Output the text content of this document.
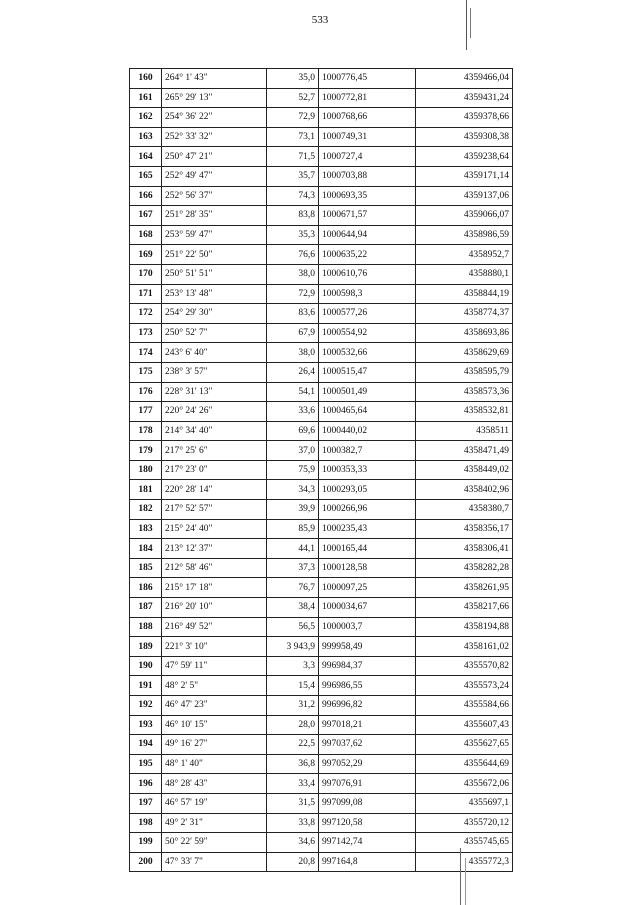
533
160	264° 1' 43"	35,0	1000776,45	4359466,04
161	265° 29' 13"	52,7	1000772,81	4359431,24
162	254° 36' 22"	72,9	1000768,66	4359378,66
163	252° 33' 32"	73,1	1000749,31	4359308,38
164	250° 47' 21"	71,5	1000727,4	4359238,64
165	252° 49' 47"	35,7	1000703,88	4359171,14
166	252° 56' 37"	74,3	1000693,35	4359137,06
167	251° 28' 35"	83,8	1000671,57	4359066,07
168	253° 59' 47"	35,3	1000644,94	4358986,59
169	251° 22' 50"	76,6	1000635,22	4358952,7
170	250° 51' 51"	38,0	1000610,76	4358880,1
171	253° 13' 48"	72,9	1000598,3	4358844,19
172	254° 29' 30"	83,6	1000577,26	4358774,37
173	250° 52' 7"	67,9	1000554,92	4358693,86
174	243° 6' 40"	38,0	1000532,66	4358629,69
175	238° 3' 57"	26,4	1000515,47	4358595,79
176	228° 31' 13"	54,1	1000501,49	4358573,36
177	220° 24' 26"	33,6	1000465,64	4358532,81
178	214° 34' 40"	69,6	1000440,02	4358511
179	217° 25' 6"	37,0	1000382,7	4358471,49
180	217° 23' 0"	75,9	1000353,33	4358449,02
181	220° 28' 14"	34,3	1000293,05	4358402,96
182	217° 52' 57"	39,9	1000266,96	4358380,7
183	215° 24' 40"	85,9	1000235,43	4358356,17
184	213° 12' 37"	44,1	1000165,44	4358306,41
185	212° 58' 46"	37,3	1000128,58	4358282,28
186	215° 17' 18"	76,7	1000097,25	4358261,95
187	216° 20' 10"	38,4	1000034,67	4358217,66
188	216° 49' 52"	56,5	1000003,7	4358194,88
189	221° 3' 10"	3 943,9	999958,49	4358161,02
190	47° 59' 11"	3,3	996984,37	4355570,82
191	48° 2' 5"	15,4	996986,55	4355573,24
192	46° 47' 23"	31,2	996996,82	4355584,66
193	46° 10' 15"	28,0	997018,21	4355607,43
194	49° 16' 27"	22,5	997037,62	4355627,65
195	48° 1' 40"	36,8	997052,29	4355644,69
196	48° 28' 43"	33,4	997076,91	4355672,06
197	46° 57' 19"	31,5	997099,08	4355697,1
198	49° 2' 31"	33,8	997120,58	4355720,12
199	50° 22' 59"	34,6	997142,74	4355745,65
200	47° 33' 7"	20,8	997164,8	4355772,3
